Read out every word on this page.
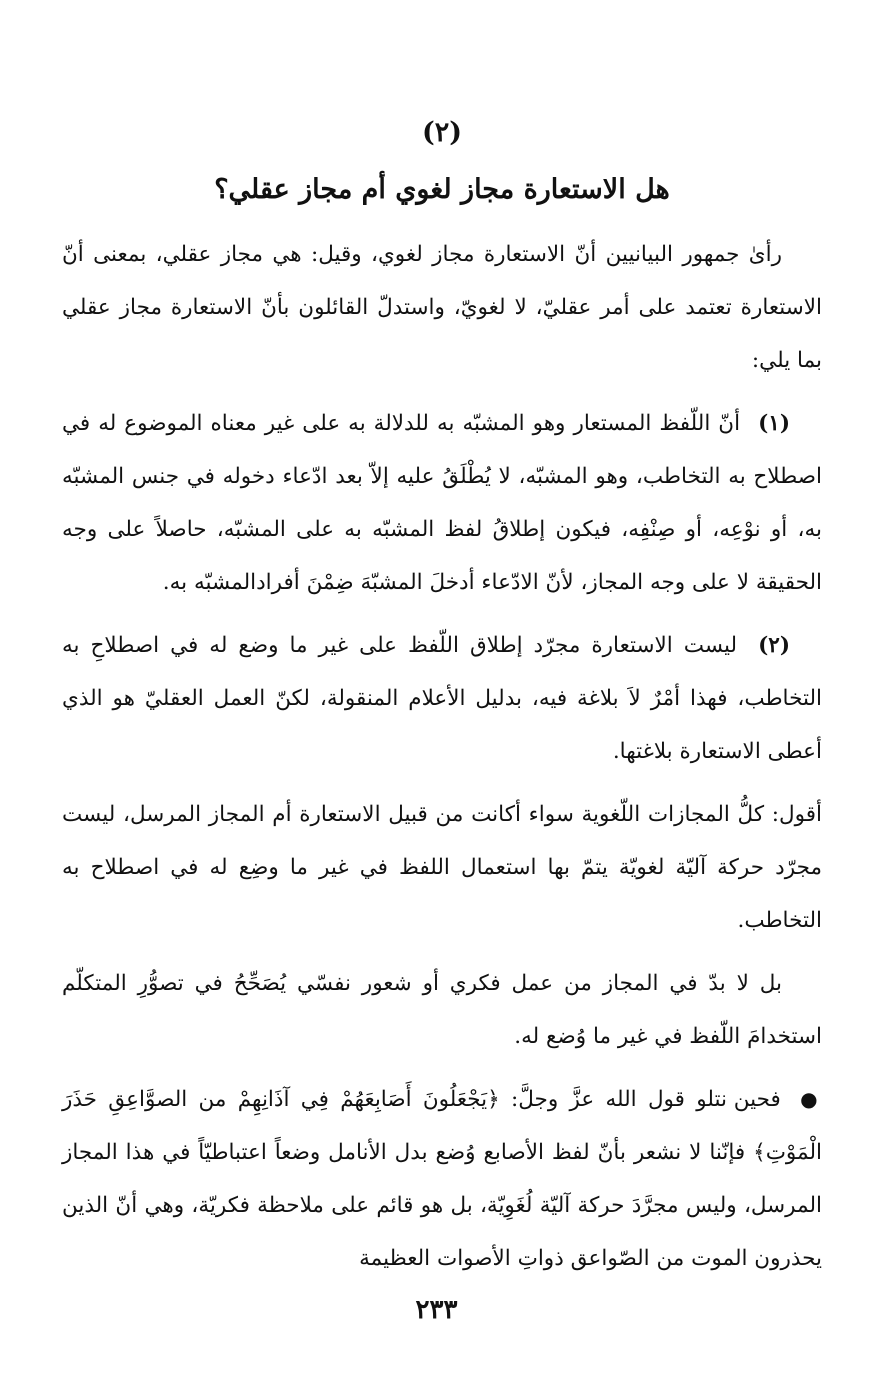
(٢)
هل الاستعارة مجاز لغوي أم مجاز عقلي؟

رأىٰ جمهور البيانيين أنّ الاستعارة مجاز لغوي، وقيل: هي مجاز عقلي، بمعنى أنّ الاستعارة تعتمد على أمر عقليّ، لا لغويّ، واستدلّ القائلون بأنّ الاستعارة مجاز عقلي بما يلي:

(١) أنّ اللّفظ المستعار وهو المشبّه به للدلالة به على غير معناه الموضوع له في اصطلاح به التخاطب، وهو المشبّه، لا يُطْلَقُ عليه إلاّ بعد ادّعاء دخوله في جنس المشبّه به، أو نوْعِه، أو صِنْفِه، فيكون إطلاقُ لفظ المشبّه به على المشبّه، حاصلاً على وجه الحقيقة لا على وجه المجاز، لأنّ الادّعاء أدخلَ المشبّهَ ضِمْنَ أفرادالمشبّه به.

(٢) ليست الاستعارة مجرّد إطلاق اللّفظ على غير ما وضع له في اصطلاحِ به التخاطب، فهذا أمْرٌ لاَ بلاغة فيه، بدليل الأعلام المنقولة، لكنّ العمل العقليّ هو الذي أعطى الاستعارة بلاغتها.

أقول: كلُّ المجازات اللّغوية سواء أكانت من قبيل الاستعارة أم المجاز المرسل، ليست مجرّد حركة آليّة لغويّة يتمّ بها استعمال اللفظ في غير ما وضِع له في اصطلاح به التخاطب.

بل لا بدّ في المجاز من عمل فكري أو شعور نفسّي يُصَحِّحُ في تصوُّرِ المتكلّم استخدامَ اللّفظ في غير ما وُضع له.

● فحين نتلو قول الله عزَّ وجلَّ: ﴿يَجْعَلُونَ أَصَابِعَهُمْ فِي آذَانِهِمْ من الصوَّاعِقِ حَذَرَ الْمَوْتِ﴾ فإنّنا لا نشعر بأنّ لفظ الأصابع وُضع بدل الأنامل وضعاً اعتباطيّاً في هذا المجاز المرسل، وليس مجرَّدَ حركة آليّة لُغَوِيّة، بل هو قائم على ملاحظة فكريّة، وهي أنّ الذين يحذرون الموت من الصّواعق ذواتِ الأصوات العظيمة

٢٣٣
